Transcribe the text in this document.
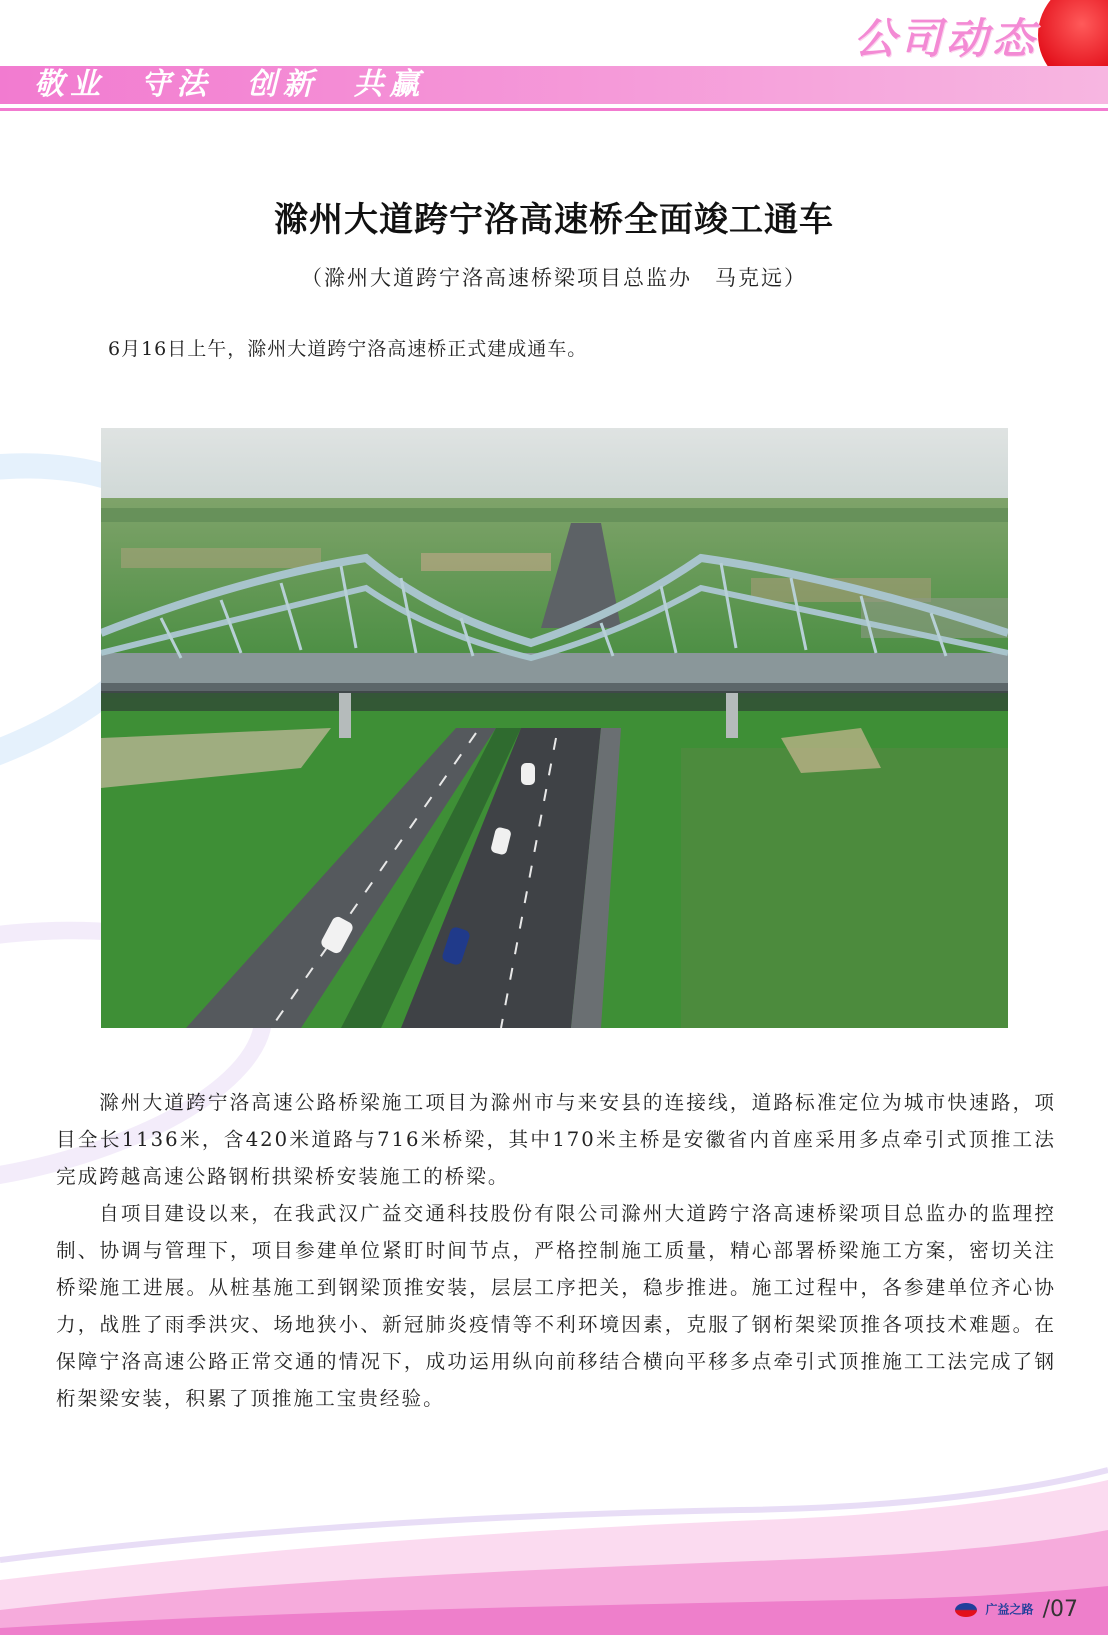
敬业 守法 创新 共赢
公司动态
滁州大道跨宁洛高速桥全面竣工通车
（滁州大道跨宁洛高速桥梁项目总监办　马克远）
6月16日上午，滁州大道跨宁洛高速桥正式建成通车。

滁州大道跨宁洛高速公路桥梁施工项目为滁州市与来安县的连接线，道路标准定位为城市快速路，项目全长1136米，含420米道路与716米桥梁，其中170米主桥是安徽省内首座采用多点牵引式顶推工法完成跨越高速公路钢桁拱梁桥安装施工的桥梁。

自项目建设以来，在我武汉广益交通科技股份有限公司滁州大道跨宁洛高速桥梁项目总监办的监理控制、协调与管理下，项目参建单位紧盯时间节点，严格控制施工质量，精心部署桥梁施工方案，密切关注桥梁施工进展。从桩基施工到钢梁顶推安装，层层工序把关，稳步推进。施工过程中，各参建单位齐心协力，战胜了雨季洪灾、场地狭小、新冠肺炎疫情等不利环境因素，克服了钢桁架梁顶推各项技术难题。在保障宁洛高速公路正常交通的情况下，成功运用纵向前移结合横向平移多点牵引式顶推施工工法完成了钢桁架梁安装，积累了顶推施工宝贵经验。

广益之路 /07
